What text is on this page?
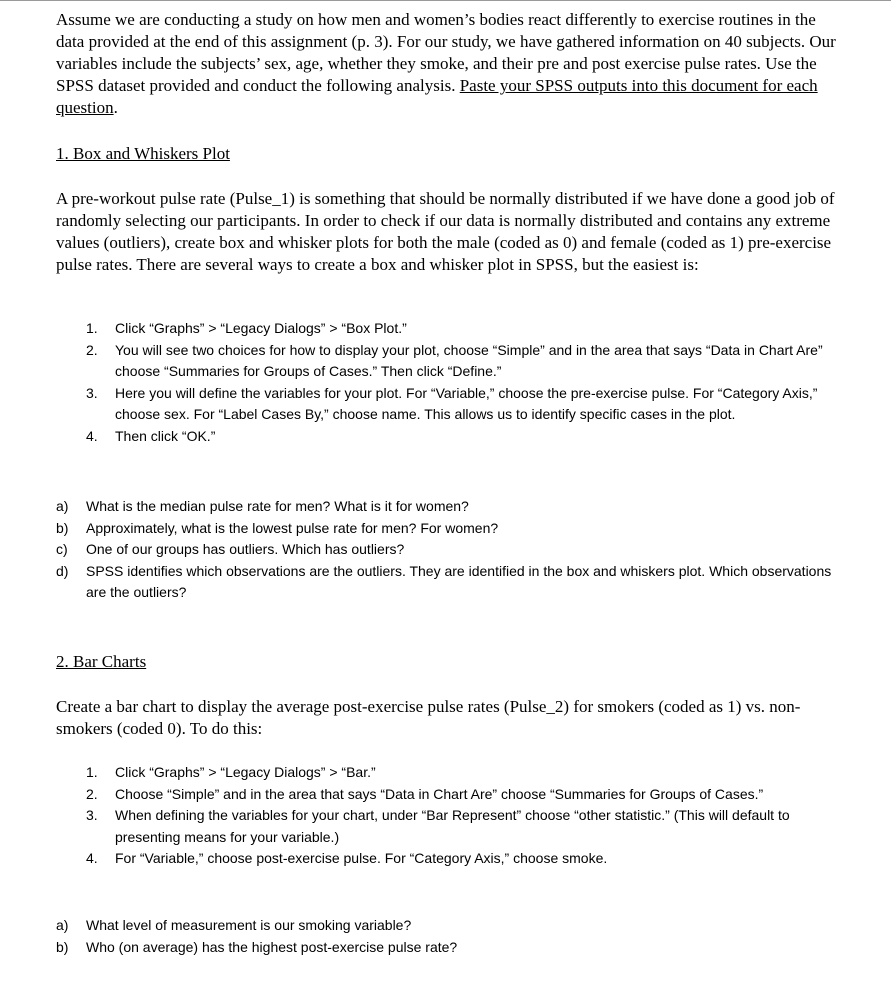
Assume we are conducting a study on how men and women’s bodies react differently to exercise routines in the data provided at the end of this assignment (p. 3). For our study, we have gathered information on 40 subjects. Our variables include the subjects’ sex, age, whether they smoke, and their pre and post exercise pulse rates. Use the SPSS dataset provided and conduct the following analysis. Paste your SPSS outputs into this document for each question.

1. Box and Whiskers Plot

A pre-workout pulse rate (Pulse_1) is something that should be normally distributed if we have done a good job of randomly selecting our participants. In order to check if our data is normally distributed and contains any extreme values (outliers), create box and whisker plots for both the male (coded as 0) and female (coded as 1) pre-exercise pulse rates. There are several ways to create a box and whisker plot in SPSS, but the easiest is:

1. Click “Graphs” > “Legacy Dialogs” > “Box Plot.”
2. You will see two choices for how to display your plot, choose “Simple” and in the area that says “Data in Chart Are” choose “Summaries for Groups of Cases.” Then click “Define.”
3. Here you will define the variables for your plot. For “Variable,” choose the pre-exercise pulse. For “Category Axis,” choose sex. For “Label Cases By,” choose name. This allows us to identify specific cases in the plot.
4. Then click “OK.”
a) What is the median pulse rate for men? What is it for women?
b) Approximately, what is the lowest pulse rate for men? For women?
c) One of our groups has outliers. Which has outliers?
d) SPSS identifies which observations are the outliers. They are identified in the box and whiskers plot. Which observations are the outliers?

2. Bar Charts

Create a bar chart to display the average post-exercise pulse rates (Pulse_2) for smokers (coded as 1) vs. non-smokers (coded 0). To do this:

1. Click “Graphs” > “Legacy Dialogs” > “Bar.”
2. Choose “Simple” and in the area that says “Data in Chart Are” choose “Summaries for Groups of Cases.”
3. When defining the variables for your chart, under “Bar Represent” choose “other statistic.” (This will default to presenting means for your variable.)
4. For “Variable,” choose post-exercise pulse. For “Category Axis,” choose smoke.
a) What level of measurement is our smoking variable?
b) Who (on average) has the highest post-exercise pulse rate?
